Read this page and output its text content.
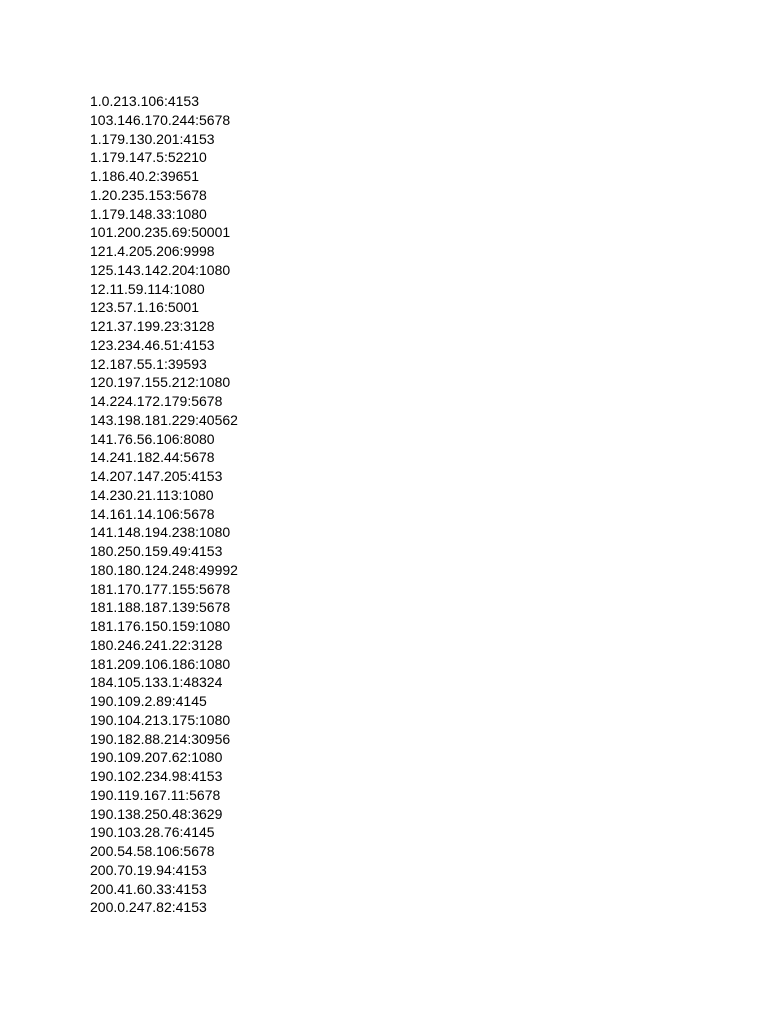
1.0.213.106:4153
103.146.170.244:5678
1.179.130.201:4153
1.179.147.5:52210
1.186.40.2:39651
1.20.235.153:5678
1.179.148.33:1080
101.200.235.69:50001
121.4.205.206:9998
125.143.142.204:1080
12.11.59.114:1080
123.57.1.16:5001
121.37.199.23:3128
123.234.46.51:4153
12.187.55.1:39593
120.197.155.212:1080
14.224.172.179:5678
143.198.181.229:40562
141.76.56.106:8080
14.241.182.44:5678
14.207.147.205:4153
14.230.21.113:1080
14.161.14.106:5678
141.148.194.238:1080
180.250.159.49:4153
180.180.124.248:49992
181.170.177.155:5678
181.188.187.139:5678
181.176.150.159:1080
180.246.241.22:3128
181.209.106.186:1080
184.105.133.1:48324
190.109.2.89:4145
190.104.213.175:1080
190.182.88.214:30956
190.109.207.62:1080
190.102.234.98:4153
190.119.167.11:5678
190.138.250.48:3629
190.103.28.76:4145
200.54.58.106:5678
200.70.19.94:4153
200.41.60.33:4153
200.0.247.82:4153
